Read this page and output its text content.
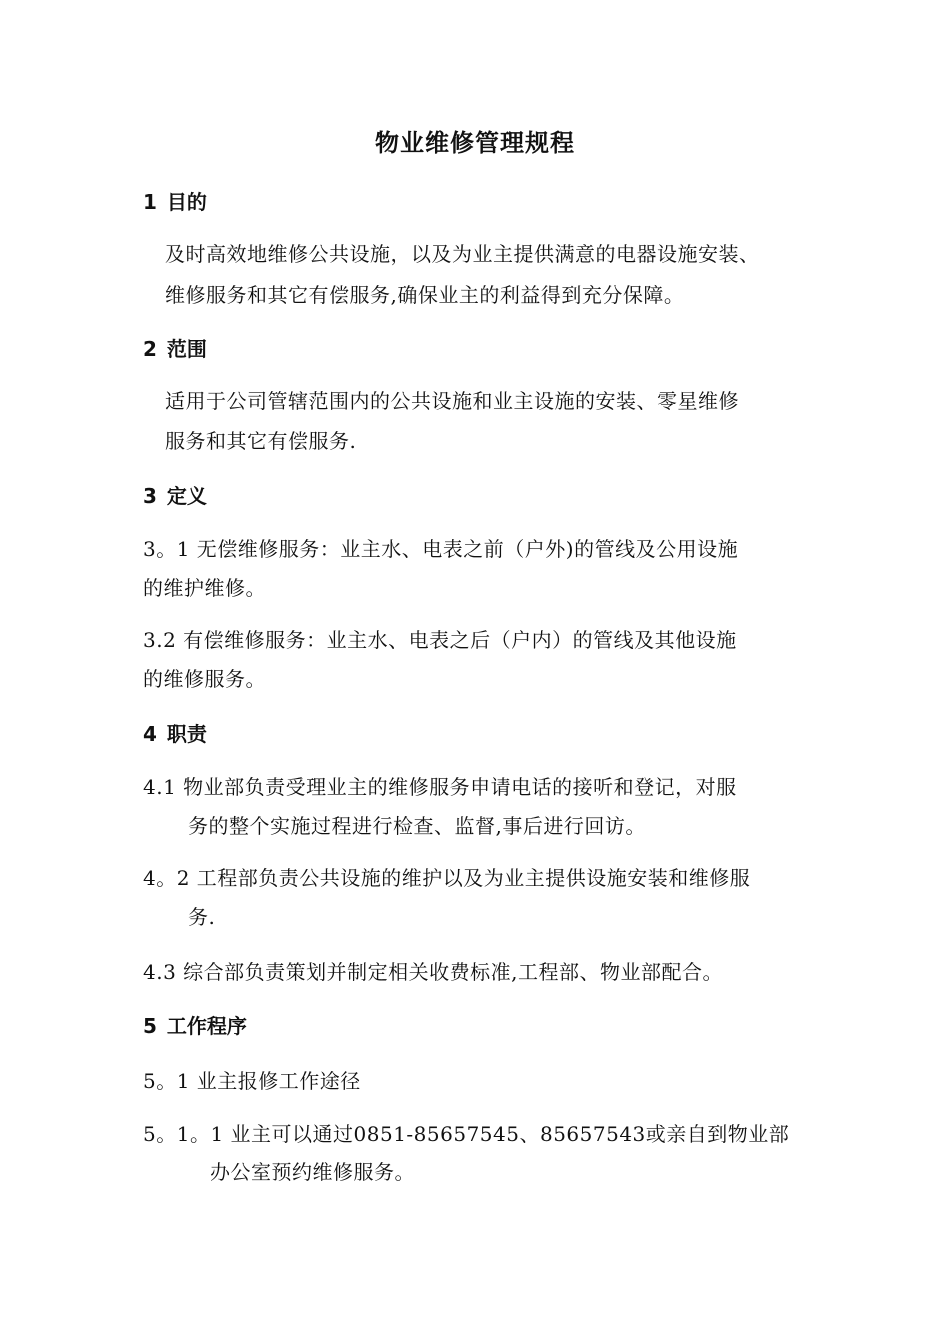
物业维修管理规程
1 目的
及时高效地维修公共设施，以及为业主提供满意的电器设施安装、
维修服务和其它有偿服务,确保业主的利益得到充分保障。
2 范围
适用于公司管辖范围内的公共设施和业主设施的安装、零星维修
服务和其它有偿服务.
3 定义
3。1 无偿维修服务：业主水、电表之前（户外)的管线及公用设施
的维护维修。
3.2 有偿维修服务：业主水、电表之后（户内）的管线及其他设施
的维修服务。
4 职责
4.1 物业部负责受理业主的维修服务申请电话的接听和登记，对服
务的整个实施过程进行检查、监督,事后进行回访。
4。2 工程部负责公共设施的维护以及为业主提供设施安装和维修服
务.
4.3 综合部负责策划并制定相关收费标准,工程部、物业部配合。
5 工作程序
5。1 业主报修工作途径
5。1。1 业主可以通过0851-85657545、85657543或亲自到物业部
办公室预约维修服务。
